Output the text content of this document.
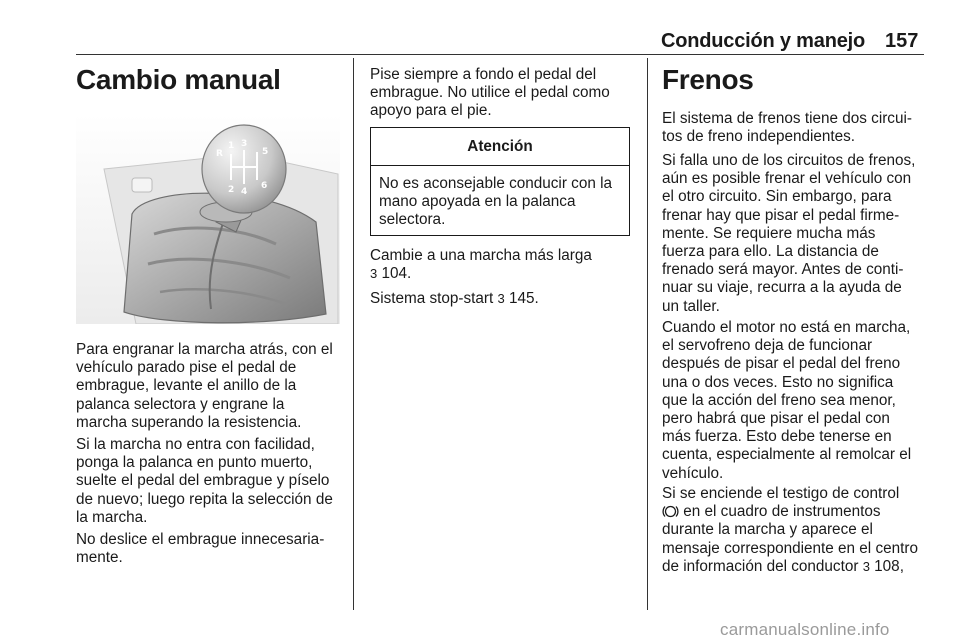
Conducción y manejo 157
Cambio manual
R
1 3
5
2 4
6
Para engranar la marcha atrás, con el
vehículo parado pise el pedal de
embrague, levante el anillo de la
palanca selectora y engrane la
marcha superando la resistencia.
Si la marcha no entra con facilidad,
ponga la palanca en punto muerto,
suelte el pedal del embrague y píselo
de nuevo; luego repita la selección de
la marcha.
No deslice el embrague innecesaria-
mente.
Pise siempre a fondo el pedal del
embrague. No utilice el pedal como
apoyo para el pie.
Atención
No es aconsejable conducir con la
mano apoyada en la palanca
selectora.
Cambie a una marcha más larga
3 104.
Sistema stop-start 3 145.
Frenos
El sistema de frenos tiene dos circui-
tos de freno independientes.
Si falla uno de los circuitos de frenos,
aún es posible frenar el vehículo con
el otro circuito. Sin embargo, para
frenar hay que pisar el pedal firme-
mente. Se requiere mucha más
fuerza para ello. La distancia de
frenado será mayor. Antes de conti-
nuar su viaje, recurra a la ayuda de
un taller.
Cuando el motor no está en marcha,
el servofreno deja de funcionar
después de pisar el pedal del freno
una o dos veces. Esto no significa
que la acción del freno sea menor,
pero habrá que pisar el pedal con
más fuerza. Esto debe tenerse en
cuenta, especialmente al remolcar el
vehículo.
Si se enciende el testigo de control
en el cuadro de instrumentos
durante la marcha y aparece el
mensaje correspondiente en el centro
de información del conductor 3 108,
carmanualsonline.info
